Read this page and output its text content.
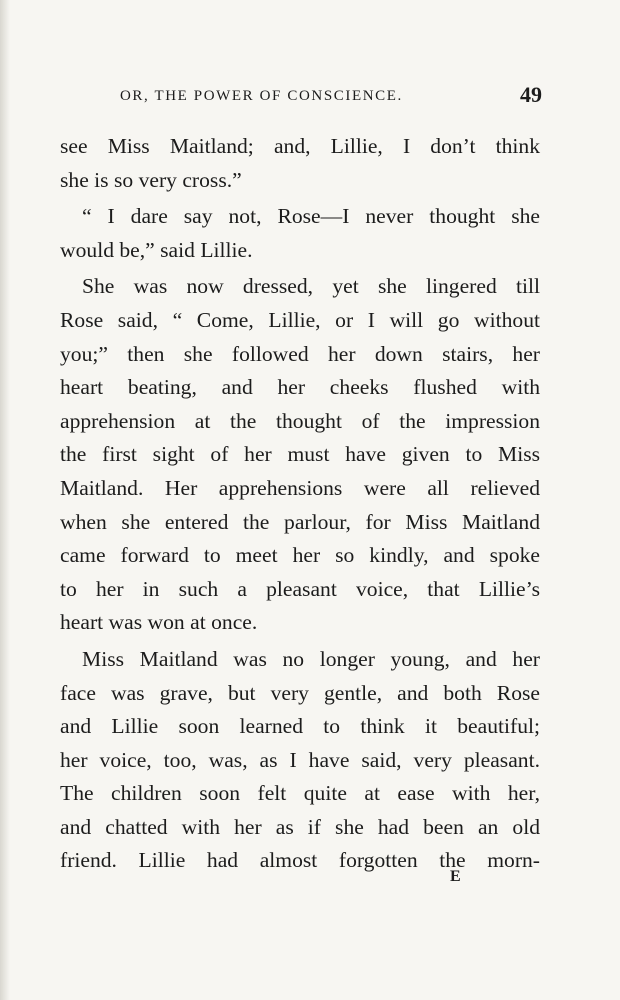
OR, THE POWER OF CONSCIENCE.	49
see Miss Maitland; and, Lillie, I don’t think
she is so very cross.”
“ I dare say not, Rose—I never thought she
would be,” said Lillie.
She was now dressed, yet she lingered till
Rose said, “ Come, Lillie, or I will go without
you;” then she followed her down stairs, her
heart beating, and her cheeks flushed with
apprehension at the thought of the impression
the first sight of her must have given to Miss
Maitland. Her apprehensions were all relieved
when she entered the parlour, for Miss Maitland
came forward to meet her so kindly, and spoke
to her in such a pleasant voice, that Lillie’s
heart was won at once.
Miss Maitland was no longer young, and her
face was grave, but very gentle, and both Rose
and Lillie soon learned to think it beautiful;
her voice, too, was, as I have said, very pleasant.
The children soon felt quite at ease with her,
and chatted with her as if she had been an old
friend. Lillie had almost forgotten the morn-
E
